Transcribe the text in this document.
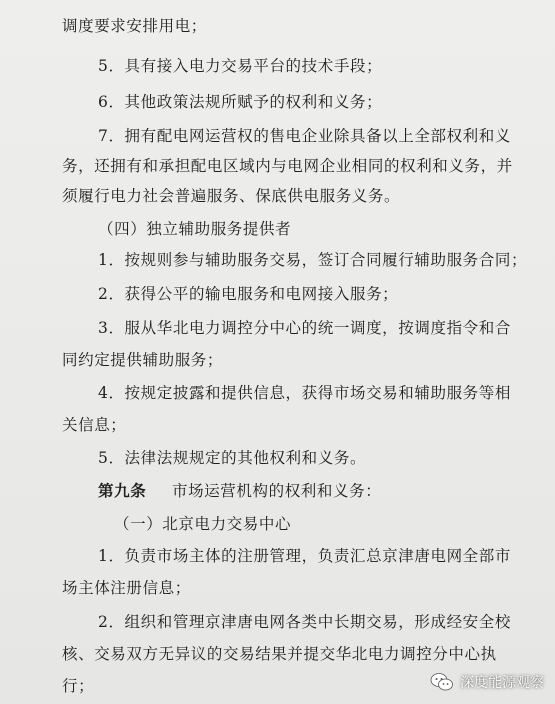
调度要求安排用电；
5．具有接入电力交易平台的技术手段；
6．其他政策法规所赋予的权利和义务；
7．拥有配电网运营权的售电企业除具备以上全部权利和义
务，还拥有和承担配电区域内与电网企业相同的权利和义务，并
须履行电力社会普遍服务、保底供电服务义务。
（四）独立辅助服务提供者
1．按规则参与辅助服务交易，签订合同履行辅助服务合同；
2．获得公平的输电服务和电网接入服务；
3．服从华北电力调控分中心的统一调度，按调度指令和合
同约定提供辅助服务；
4．按规定披露和提供信息，获得市场交易和辅助服务等相
关信息；
5．法律法规规定的其他权利和义务。
第九条 市场运营机构的权利和义务：
（一）北京电力交易中心
1．负责市场主体的注册管理，负责汇总京津唐电网全部市
场主体注册信息；
2．组织和管理京津唐电网各类中长期交易，形成经安全校
核、交易双方无异议的交易结果并提交华北电力调控分中心执
行；	深度能源观察
